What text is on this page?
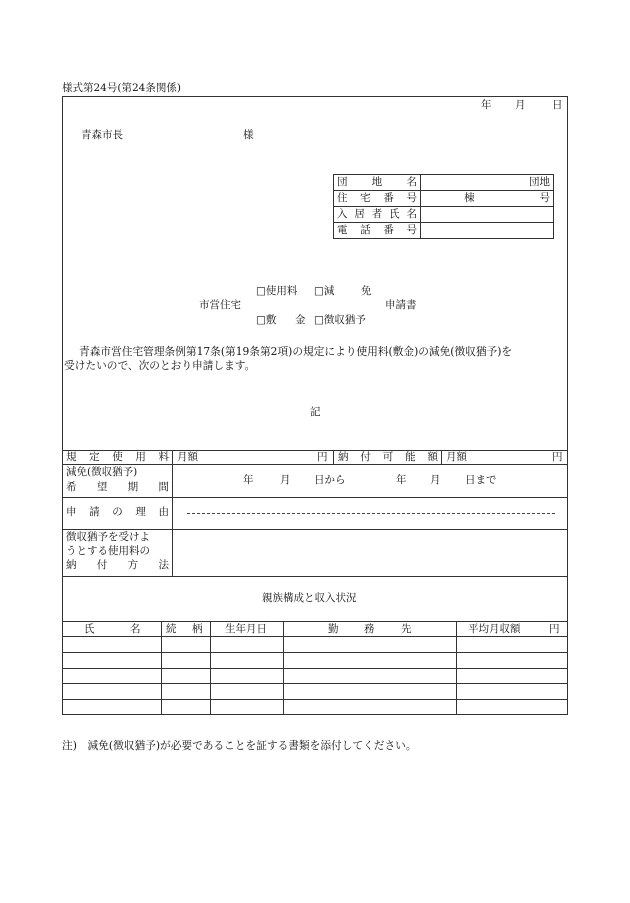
様式第24号(第24条関係)
年 月	日
青森市長	様
団 地 名	団地

住 宅 番 号	棟 号

入 居 者 氏 名	

電 話 番 号	

□使用料 □減	免
市営住宅	申請書
□敷 金 □徴収猶予
青森市営住宅管理条例第17条(第19条第2項)の規定により使用料(敷金)の減免(徴収猶予)を
受けたいので、次のとおり申請します。
記
規 定 使 用 料 月額	円 納 付 可 能 額 月額	円
減免(徴収猶予)
希 望 期 間
年	月 日から	年 月 日まで
申 請 の 理 由
徴収猶予を受けよ
うとする使用料の
納 付 方 法
親族構成と収入状況
氏	名 続 柄 生年月日	勤 務	先	平均月収額	円
注)　減免(徴収猶予)が必要であることを証する書類を添付してください。
